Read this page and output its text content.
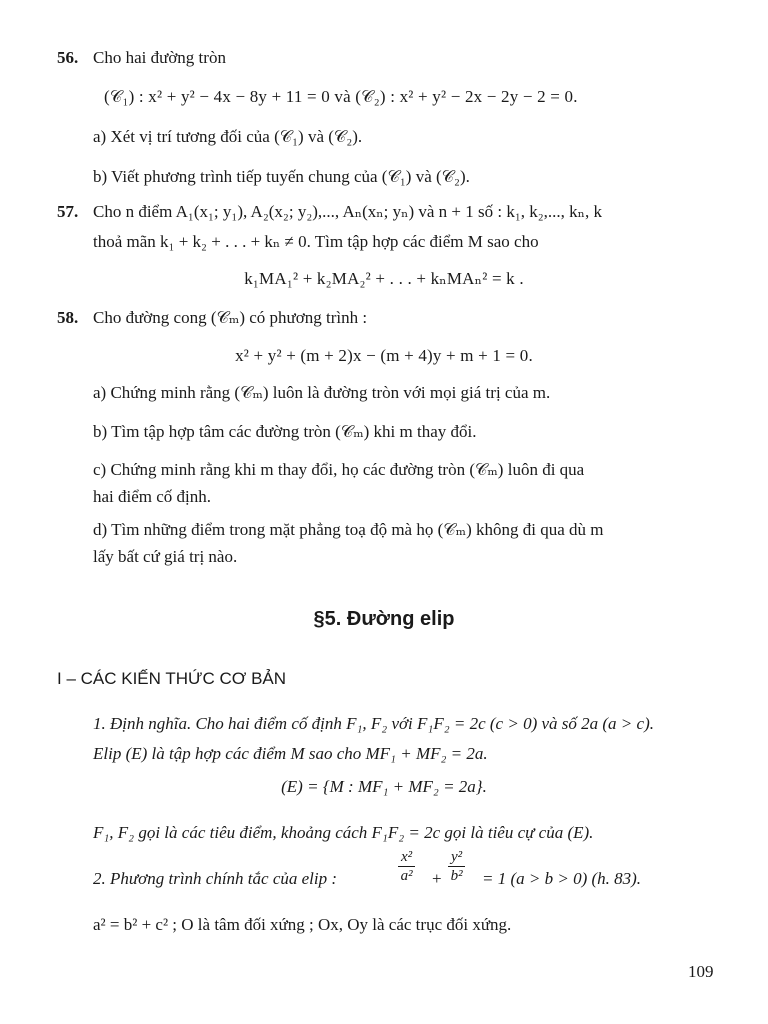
56. Cho hai đường tròn
(𝒞₁) : x² + y² − 4x − 8y + 11 = 0 và (𝒞₂) : x² + y² − 2x − 2y − 2 = 0.
a) Xét vị trí tương đối của (𝒞₁) và (𝒞₂).
b) Viết phương trình tiếp tuyến chung của (𝒞₁) và (𝒞₂).
57. Cho n điểm A₁(x₁; y₁), A₂(x₂; y₂),..., Aₙ(xₙ; yₙ) và n + 1 số : k₁, k₂,..., kₙ, k
thoả mãn k₁ + k₂ + . . . + kₙ ≠ 0. Tìm tập hợp các điểm M sao cho
k₁MA₁² + k₂MA₂² + . . . + kₙMAₙ² = k .
58. Cho đường cong (𝒞ₘ) có phương trình :
x² + y² + (m + 2)x − (m + 4)y + m + 1 = 0.
a) Chứng minh rằng (𝒞ₘ) luôn là đường tròn với mọi giá trị của m.
b) Tìm tập hợp tâm các đường tròn (𝒞ₘ) khi m thay đổi.
c) Chứng minh rằng khi m thay đổi, họ các đường tròn (𝒞ₘ) luôn đi qua
hai điểm cố định.
d) Tìm những điểm trong mặt phẳng toạ độ mà họ (𝒞ₘ) không đi qua dù m
lấy bất cứ giá trị nào.
§5. Đường elip
I – CÁC KIẾN THỨC CƠ BẢN
1. Định nghĩa. Cho hai điểm cố định F₁, F₂ với F₁F₂ = 2c (c > 0) và số 2a (a > c).
Elip (E) là tập hợp các điểm M sao cho MF₁ + MF₂ = 2a.
(E) = {M : MF₁ + MF₂ = 2a}.
F₁, F₂ gọi là các tiêu điểm, khoảng cách F₁F₂ = 2c gọi là tiêu cự của (E).
2. Phương trình chính tắc của elip :	$\frac{\text{x²}}{\text{a²}} + \frac{\text{y²}}{\text{b²}} = 1$ (a > b > 0) (h. 83).
a² = b² + c² ; O là tâm đối xứng ; Ox, Oy là các trục đối xứng.
109
